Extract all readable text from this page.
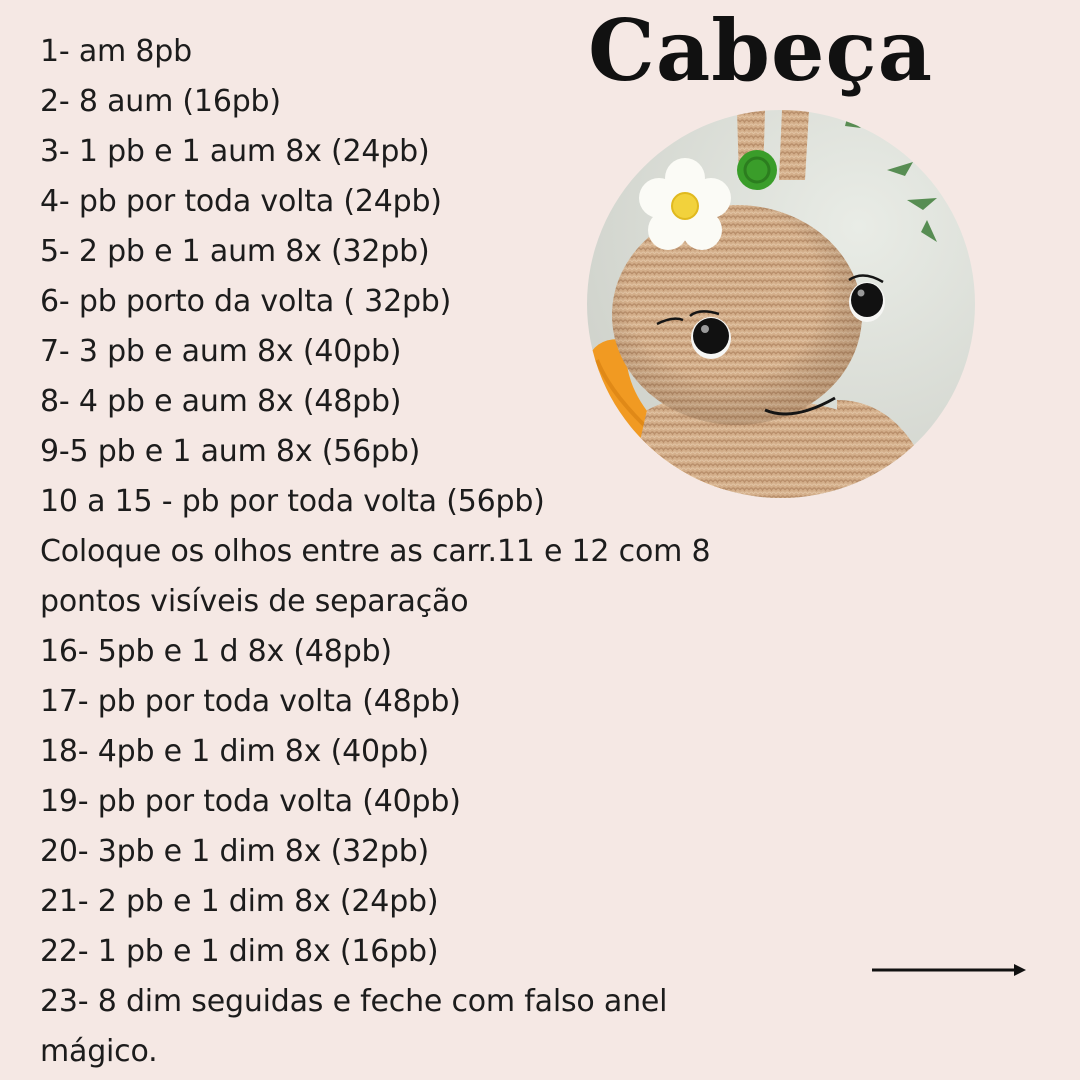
Cabeça
1- am 8pb
2- 8 aum (16pb)
3- 1 pb e 1 aum 8x (24pb)
4- pb por toda volta (24pb)
5- 2 pb e 1 aum 8x (32pb)
6- pb porto da volta ( 32pb)
7- 3 pb e aum 8x (40pb)
8- 4 pb e aum 8x (48pb)
9-5 pb e 1 aum 8x (56pb)
10 a 15 - pb por toda volta (56pb)
Coloque os olhos entre as carr.11 e 12 com 8
pontos visíveis de separação
16- 5pb e 1 d 8x (48pb)
17- pb por toda volta (48pb)
18- 4pb e 1 dim 8x (40pb)
19- pb por toda volta (40pb)
20- 3pb e 1 dim 8x (32pb)
21- 2 pb e 1 dim 8x (24pb)
22- 1 pb e 1 dim 8x (16pb)
23- 8 dim seguidas e feche com falso anel
mágico.
